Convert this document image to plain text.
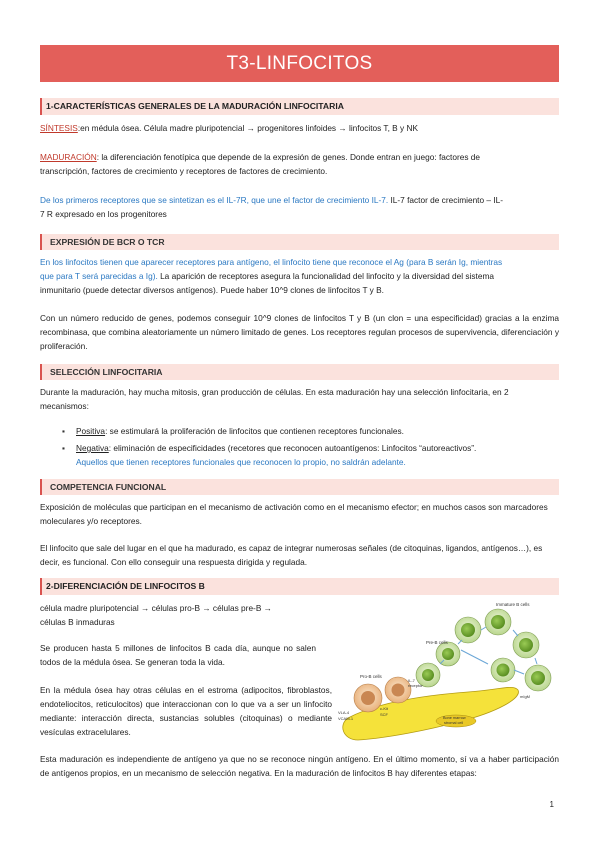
T3-LINFOCITOS
1-CARACTERÍSTICAS GENERALES DE LA MADURACIÓN LINFOCITARIA

SÍNTESIS:en médula ósea. Célula madre pluripotencial → progenitores linfoides → linfocitos T, B y NK

MADURACIÓN: la diferenciación fenotípica que depende de la expresión de genes. Donde entran en juego: factores de
transcripción, factores de crecimiento y receptores de factores de crecimiento.

De los primeros receptores que se sintetizan es el IL-7R, que une el factor de crecimiento IL-7. IL-7 factor de crecimiento – IL-
7 R expresado en los progenitores

EXPRESIÓN DE BCR O TCR

En los linfocitos tienen que aparecer receptores para antígeno, el linfocito tiene que reconoce el Ag (para B serán Ig, mientras
que para T será parecidas a Ig). La aparición de receptores asegura la funcionalidad del linfocito y la diversidad del sistema
inmunitario (puede detectar diversos antígenos). Puede haber 10^9 clones de linfocitos T y B.

Con un número reducido de genes, podemos conseguir 10^9 clones de linfocitos T y B (un clon = una especificidad) gracias a la enzima recombinasa, que combina aleatoriamente un número limitado de genes. Los receptores regulan procesos de supervivencia, diferenciación y proliferación.

SELECCIÓN LINFOCITARIA

Durante la maduración, hay mucha mitosis, gran producción de células. En esta maduración hay una selección linfocitaria, en 2 mecanismos:

▪ Positiva: se estimulará la proliferación de linfocitos que contienen receptores funcionales.
▪ Negativa: eliminación de especificidades (recetores que reconocen autoantígenos: Linfocitos “autoreactivos”.
Aquellos que tienen receptores funcionales que reconocen lo propio, no saldrán adelante.
COMPETENCIA FUNCIONAL

Exposición de moléculas que participan en el mecanismo de activación como en el mecanismo efector; en muchos casos son marcadores moleculares y/o receptores.

El linfocito que sale del lugar en el que ha madurado, es capaz de integrar numerosas señales (de citoquinas, ligandos, antígenos…), es decir, es funcional. Con ello conseguir una respuesta dirigida y regulada.

2-DIFERENCIACIÓN DE LINFOCITOS B

célula madre pluripotencial → células pro-B → células pre-B →
células B inmaduras

Se producen hasta 5 millones de linfocitos B cada día, aunque no salen todos de la médula ósea. Se generan toda la vida.

En la médula ósea hay otras células en el estroma (adipocitos, fibroblastos, endoteliocitos, reticulocitos) que interaccionan con lo que va a ser un linfocito mediante: interacción directa, sustancias solubles (citoquinas) o mediante vesículas extracelulares.

Esta maduración es independiente de antígeno ya que no se reconoce ningún antígeno. En el último momento, sí va a haber participación de antígenos propios, en un mecanismo de selección negativa. En la maduración de linfocitos B hay diferentes etapas:

Immature B cells
Pre-B cells
Pro-B cells
IL-7
receptor
VLA-4
VCAM-1
c-Kit
SCF
Bone marrow
stromal cell
mIgM
1
